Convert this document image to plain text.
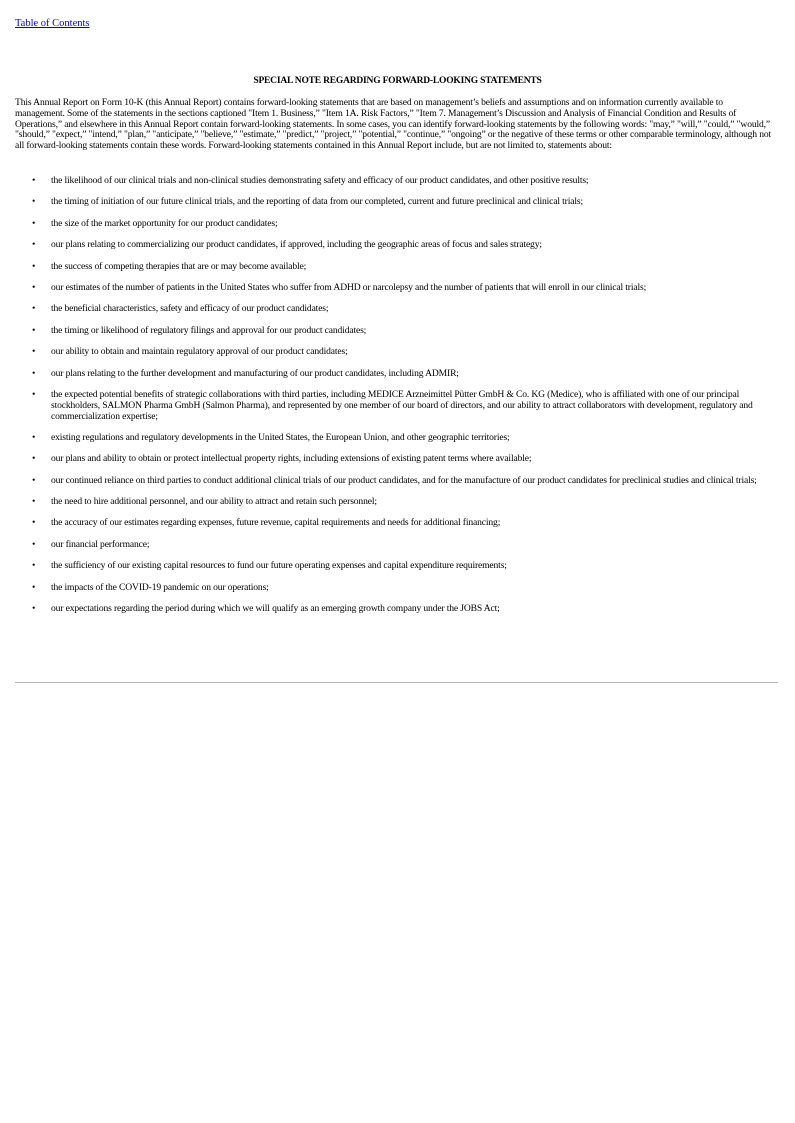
Table of Contents
SPECIAL NOTE REGARDING FORWARD-LOOKING STATEMENTS
This Annual Report on Form 10-K (this Annual Report) contains forward-looking statements that are based on management’s beliefs and assumptions and on information currently available to management. Some of the statements in the sections captioned "Item 1. Business,” "Item 1A. Risk Factors,” "Item 7. Management’s Discussion and Analysis of Financial Condition and Results of Operations,” and elsewhere in this Annual Report contain forward-looking statements. In some cases, you can identify forward-looking statements by the following words: "may,” "will,” "could,” "would,” "should,” "expect,” "intend,” "plan,” "anticipate,” "believe,” "estimate,” "predict,” "project,” "potential,” "continue,” "ongoing” or the negative of these terms or other comparable terminology, although not all forward-looking statements contain these words. Forward-looking statements contained in this Annual Report include, but are not limited to, statements about:
• the likelihood of our clinical trials and non-clinical studies demonstrating safety and efficacy of our product candidates, and other positive results;
• the timing of initiation of our future clinical trials, and the reporting of data from our completed, current and future preclinical and clinical trials;
• the size of the market opportunity for our product candidates;
• our plans relating to commercializing our product candidates, if approved, including the geographic areas of focus and sales strategy;
• the success of competing therapies that are or may become available;
• our estimates of the number of patients in the United States who suffer from ADHD or narcolepsy and the number of patients that will enroll in our clinical trials;
• the beneficial characteristics, safety and efficacy of our product candidates;
• the timing or likelihood of regulatory filings and approval for our product candidates;
• our ability to obtain and maintain regulatory approval of our product candidates;
• our plans relating to the further development and manufacturing of our product candidates, including ADMIR;
• the expected potential benefits of strategic collaborations with third parties, including MEDICE Arzneimittel Pütter GmbH & Co. KG (Medice), who is affiliated with one of our principal stockholders, SALMON Pharma GmbH (Salmon Pharma), and represented by one member of our board of directors, and our ability to attract collaborators with development, regulatory and commercialization expertise;
• existing regulations and regulatory developments in the United States, the European Union, and other geographic territories;
• our plans and ability to obtain or protect intellectual property rights, including extensions of existing patent terms where available;
• our continued reliance on third parties to conduct additional clinical trials of our product candidates, and for the manufacture of our product candidates for preclinical studies and clinical trials;
• the need to hire additional personnel, and our ability to attract and retain such personnel;
• the accuracy of our estimates regarding expenses, future revenue, capital requirements and needs for additional financing;
• our financial performance;
• the sufficiency of our existing capital resources to fund our future operating expenses and capital expenditure requirements;
• the impacts of the COVID-19 pandemic on our operations;
• our expectations regarding the period during which we will qualify as an emerging growth company under the JOBS Act;
